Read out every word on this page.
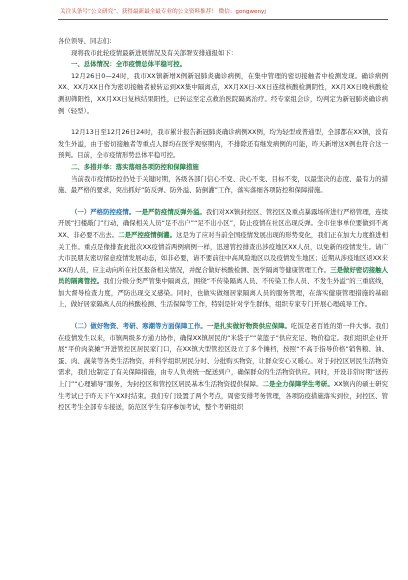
关注头条号“公文研究”，获得最新最全最专业的公文资料推荐！ 微信：gongwenyj

各位领导、同志们：

现将我市此轮疫情最新进展情况及有关部署安排通报如下：

一、总体情况：全市疫情总体平稳可控。

12月26日0—24时，我市XX镇新增X例新冠肺炎确诊病例，在集中管理的密切接触者中检测发现。确诊病例XX、XX月XX日作为密切接触者被转运到XX集中隔离点，XX月XX日-XX日连续核酸检测阴性，XX月XX日晚核酸检测初筛阳性，XX月XX日复核结果阳性，已转运至定点救治医院隔离治疗。经专家组会诊，均判定为新冠肺炎确诊病例（轻型）。

12月13日至12月26日24时，我市累计报告新冠肺炎确诊病例XX例，均为轻型或普通型，全部都在XX镇，没有发生外溢，由于密切接触者等重点人群均在医学观察期内，不排除还有继发病例的可能，昨天新增这X例也符合这一预判。目前，全市疫情形势总体平稳可控。

二、多措并举：落实落细各项防控和保障措施

当前我市疫情防控仍处于关键时期，各级各部门信心不变、决心不变、目标不变，以最坚决的态度、最有力的措施、最严格的要求，突出抓好“防反弹、防外溢、防倒灌”工作，落实落细各项防控和保障措施。

（一）严格防控疫情。一是严防疫情反弹外溢。我们对XX镇封控区、管控区及重点暴露场所进行严格管理，连续开展“扫楼敲门”行动，确保相关人员“足不出户”“足不出小区”，防止疫情在社区出现反弹。全市住事单位要做到不离XX、非必要不出去。二是严控疫情倒灌。这是为了应对当前全国疫情发展出现的形势变化，我们正在加大力度推进相关工作。重点是像排查此批次XX疫情首两例病例一样，迅速管控排查出涉疫地区XX人员，以免新的疫情发生。请广大市民朋友密切留意疫情发展动态，如非必要，请不要前往中高风险地区以及疫情发生地区；近期从涉疫地区返XX来XX的人员，应主动向所在社区报备相关情况，并配合做好核酸检测、医学隔离等健康管理工作。三是做好密切接触人员的隔离管控。我们分级分类严管集中隔离点，围绕“不传染隔离人员、不传染工作人员、不发生外溢”的三重底线，加大督导检查力度，严防出现交叉感染。同时，也做实做细居家隔离人员的服务管理，在落实健康管理措施的基础上，做好居家隔离人员的核酸检测、生活保障等工作，特别是针对学生群体，组织专家专门开展心理疏导工作。

（二）做好物资、考研、寒潮等方面保障工作。一是扎实做好物资供应保障。吃饭是老百姓的第一件大事。我们在疫情发生以来，市镇两级多方通力协作，确保XX镇居民的“米袋子”“菜篮子”供应充足、物价稳定。我们组织企业开展“平价肉菜摊”开进管控区居民家门口，在XX镇大型管控区设立了多个摊档，按照“不高于指导价格”销售粮、油、蛋、肉、蔬菜等各类生活物资，并科学组织居民分时、分批购买物资，让群众安心又暖心。对于封控区居民生活物资需求，我们也制定了有关保障措施，由专人负责统一配送到户，确保群众的生活物资供应。同时，开设非常时期“送药上门”“心理辅导”服务，为封控区和管控区居民基本生活物资提供保障。二是全力保障学生考研。XX镇内的硕士研究生考试已于昨天下午XX时结束。我们专门设置了两个考点，周密安排考务管理，各项防疫措施落实到位，封控区、管控区考生全部专车接送，防范区学生有序参加考试，整个考研组织
